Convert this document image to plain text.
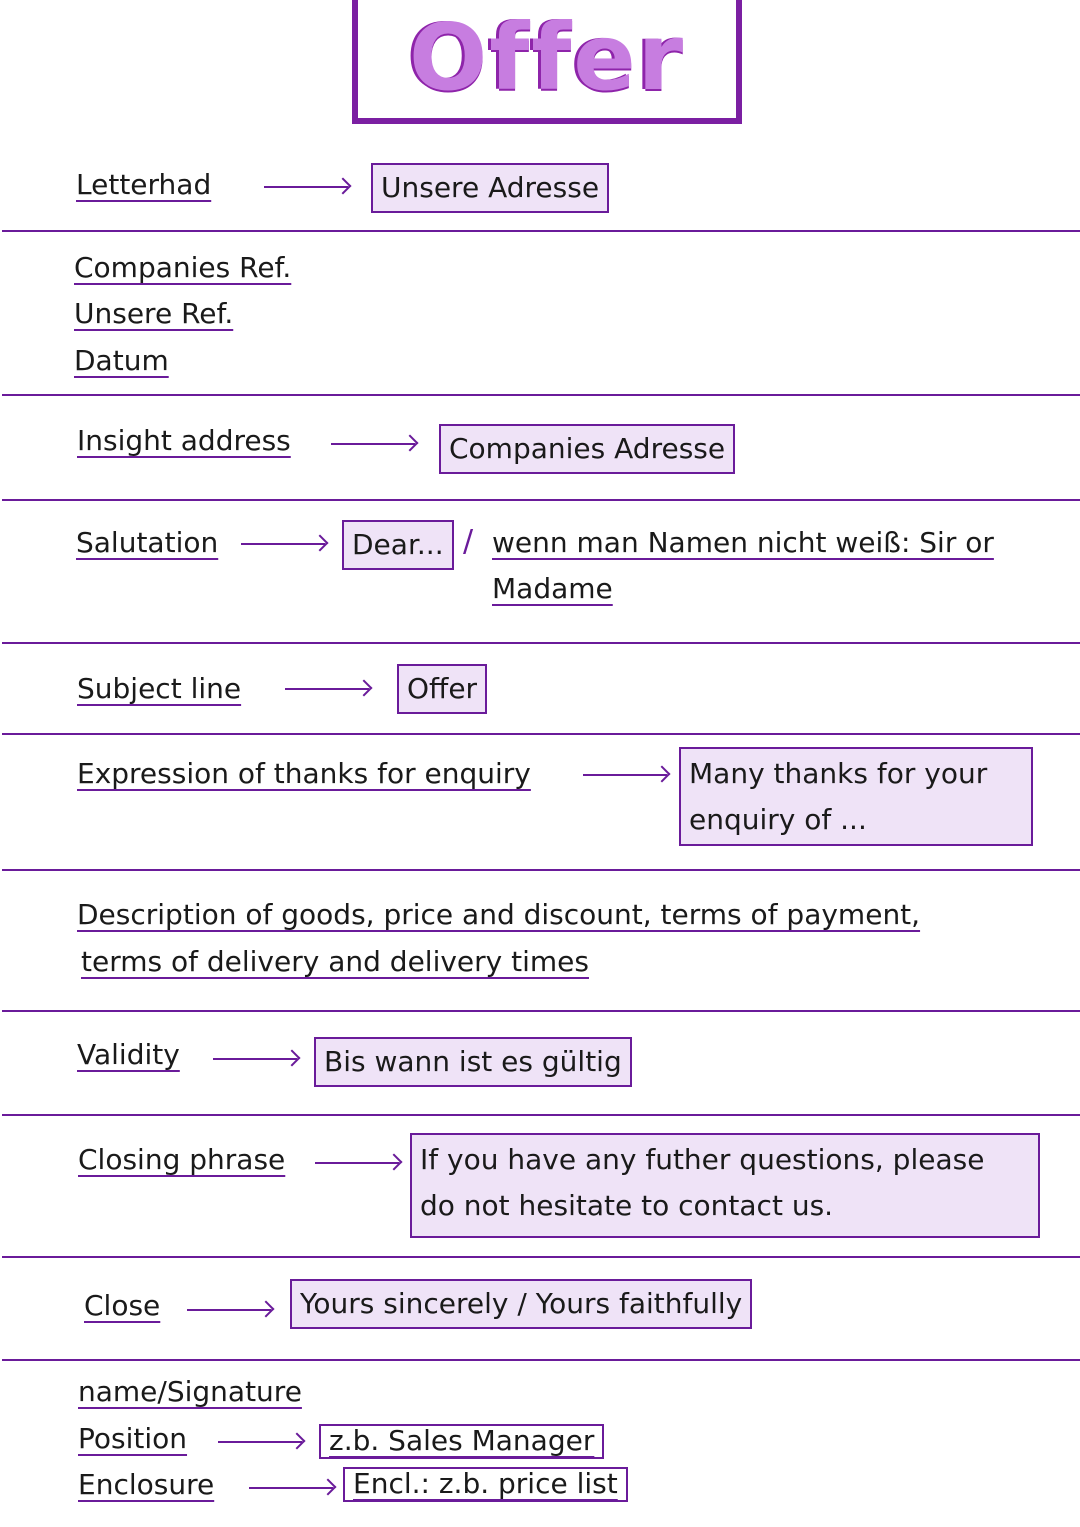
Offer
Letterhad	Unsere Adresse
Companies Ref.
Unsere Ref.
Datum
Insight address	Companies Adresse
Salutation	Dear... / wenn man Namen nicht weiß: Sir or
Madame
Subject line	Offer
Expression of thanks for enquiry	Many thanks for your
enquiry of ...
Description of goods, price and discount, terms of payment,
terms of delivery and delivery times
Validity	Bis wann ist es gültig
Closing phrase	If you have any futher questions, please
do not hesitate to contact us.
Close	Yours sincerely / Yours faithfully
name/Signature
Position	z.b. Sales Manager
Enclosure	Encl.: z.b. price list
